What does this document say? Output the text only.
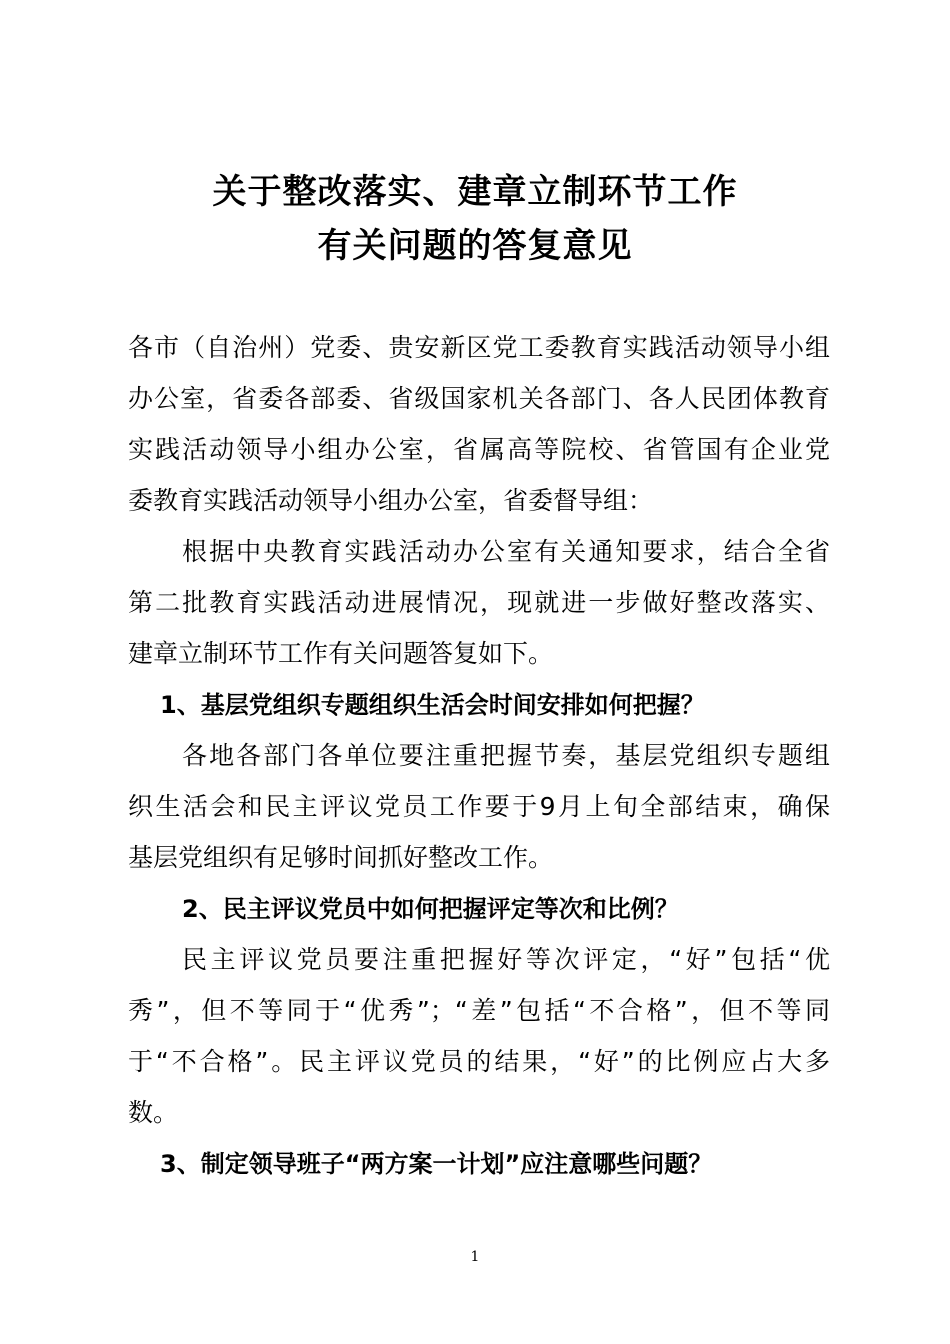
关于整改落实、建章立制环节工作
有关问题的答复意见

各市（自治州）党委、贵安新区党工委教育实践活动领导小组

办公室，省委各部委、省级国家机关各部门、各人民团体教育

实践活动领导小组办公室，省属高等院校、省管国有企业党

委教育实践活动领导小组办公室，省委督导组：

根据中央教育实践活动办公室有关通知要求，结合全省

第二批教育实践活动进展情况，现就进一步做好整改落实、

建章立制环节工作有关问题答复如下。

1、基层党组织专题组织生活会时间安排如何把握？

各地各部门各单位要注重把握节奏，基层党组织专题组

织生活会和民主评议党员工作要于9月上旬全部结束，确保

基层党组织有足够时间抓好整改工作。

2、民主评议党员中如何把握评定等次和比例？

民主评议党员要注重把握好等次评定，“好”包括“优

秀”，但不等同于“优秀”；“差”包括“不合格”，但不等同

于“不合格”。民主评议党员的结果，“好”的比例应占大多

数。

3、制定领导班子“两方案一计划”应注意哪些问题？

1
